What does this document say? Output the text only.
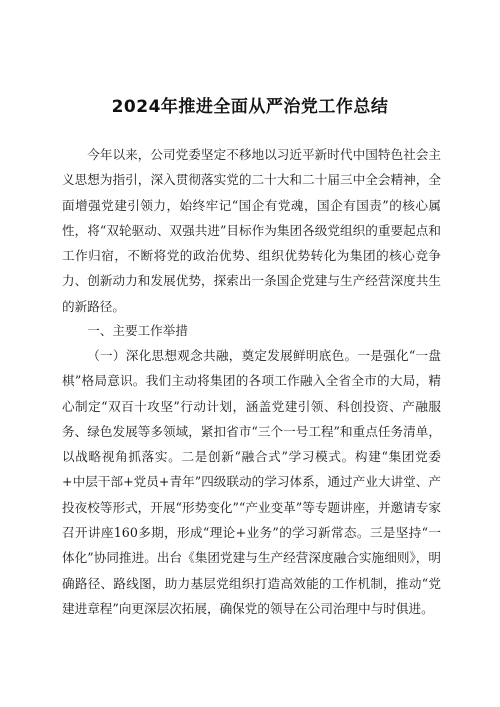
2024年推进全面从严治党工作总结

今年以来，公司党委坚定不移地以习近平新时代中国特色社会主义思想为指引，深入贯彻落实党的二十大和二十届三中全会精神，全面增强党建引领力，始终牢记“国企有党魂，国企有国责”的核心属性，将“双轮驱动、双强共进”目标作为集团各级党组织的重要起点和工作归宿，不断将党的政治优势、组织优势转化为集团的核心竞争力、创新动力和发展优势，探索出一条国企党建与生产经营深度共生的新路径。

一、主要工作举措

（一）深化思想观念共融，奠定发展鲜明底色。一是强化“一盘棋”格局意识。我们主动将集团的各项工作融入全省全市的大局，精心制定“双百十攻坚”行动计划，涵盖党建引领、科创投资、产融服务、绿色发展等多领域，紧扣省市“三个一号工程”和重点任务清单，以战略视角抓落实。二是创新“融合式”学习模式。构建“集团党委+中层干部+党员+青年”四级联动的学习体系，通过产业大讲堂、产投夜校等形式，开展“形势变化”“产业变革”等专题讲座，并邀请专家召开讲座160多期，形成“理论+业务”的学习新常态。三是坚持“一体化”协同推进。出台《集团党建与生产经营深度融合实施细则》，明确路径、路线图，助力基层党组织打造高效能的工作机制，推动“党建进章程”向更深层次拓展，确保党的领导在公司治理中与时俱进。
